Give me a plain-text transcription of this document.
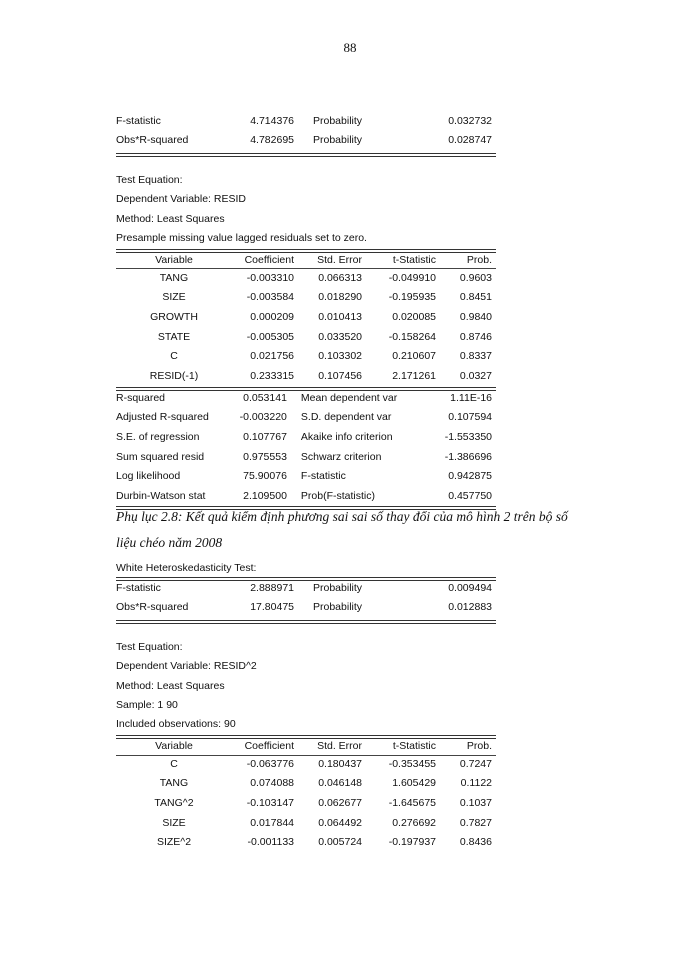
88
F-statistic	4.714376 Probability	0.032732
Obs*R-squared	4.782695 Probability	0.028747
Test Equation:
Dependent Variable: RESID
Method: Least Squares
Presample missing value lagged residuals set to zero.
Variable	Coefficient	Std. Error	t-Statistic	Prob.
TANG	-0.003310	0.066313	-0.049910	0.9603
SIZE	-0.003584	0.018290	-0.195935	0.8451
GROWTH	0.000209	0.010413	0.020085	0.9840
STATE	-0.005305	0.033520	-0.158264	0.8746
C	0.021756	0.103302	0.210607	0.8337
RESID(-1)	0.233315	0.107456	2.171261	0.0327
R-squared	0.053141	Mean dependent var	1.11E-16
Adjusted R-squared	-0.003220	S.D. dependent var	0.107594
S.E. of regression	0.107767	Akaike info criterion	-1.553350
Sum squared resid	0.975553	Schwarz criterion	-1.386696
Log likelihood	75.90076	F-statistic	0.942875
Durbin-Watson stat	2.109500	Prob(F-statistic)	0.457750
Phụ lục 2.8: Kết quả kiểm định phương sai sai số thay đổi của mô hình 2 trên bộ số
liệu chéo năm 2008
White Heteroskedasticity Test:
F-statistic	2.888971 Probability	0.009494
Obs*R-squared	17.80475 Probability	0.012883
Test Equation:
Dependent Variable: RESID^2
Method: Least Squares
Sample: 1 90
Included observations: 90
Variable	Coefficient	Std. Error	t-Statistic	Prob.
C	-0.063776	0.180437	-0.353455	0.7247
TANG	0.074088	0.046148	1.605429	0.1122
TANG^2	-0.103147	0.062677	-1.645675	0.1037
SIZE	0.017844	0.064492	0.276692	0.7827
SIZE^2	-0.001133	0.005724	-0.197937	0.8436
